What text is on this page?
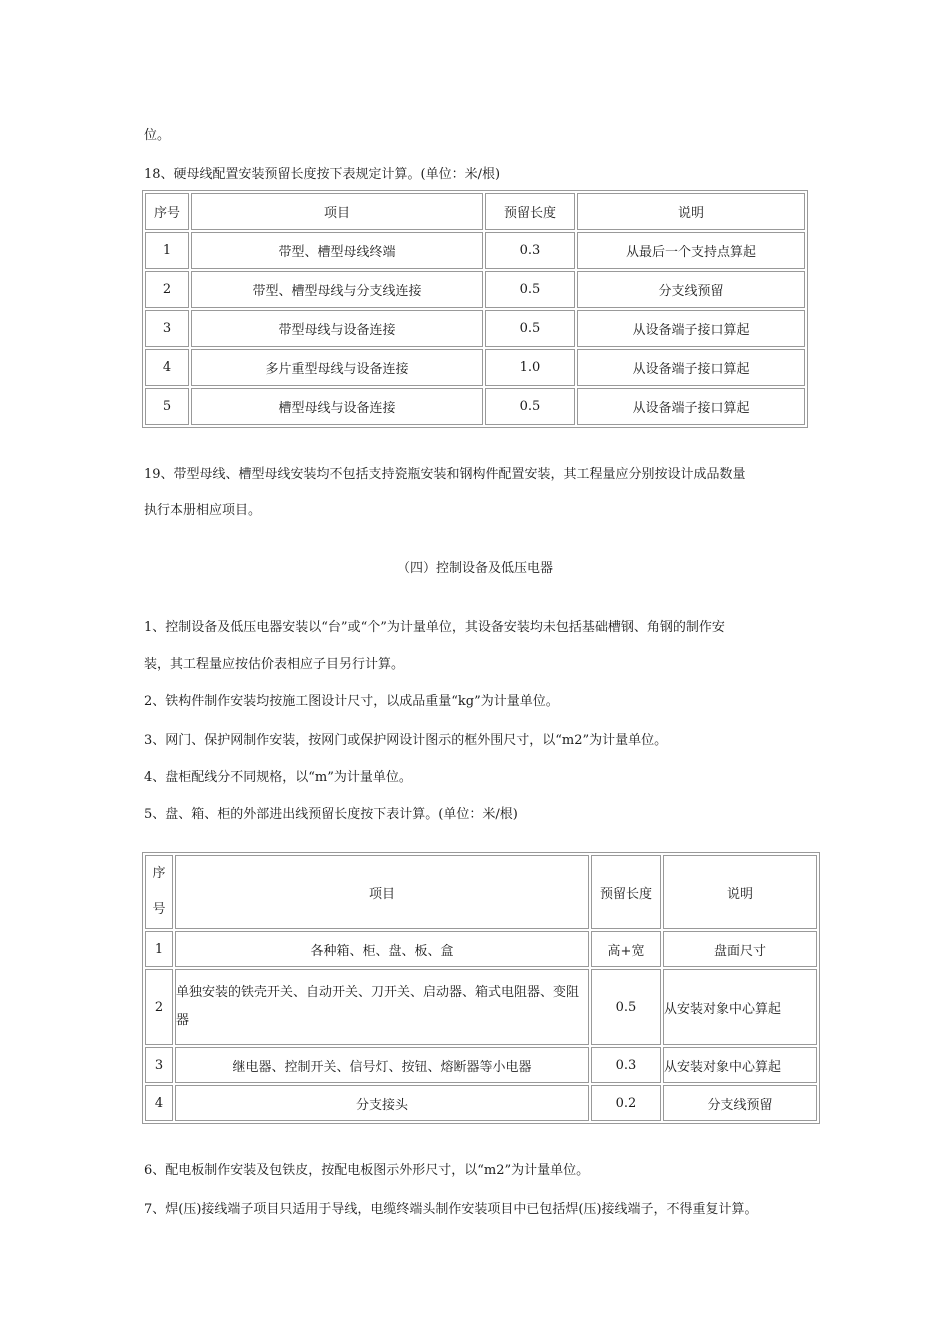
位。

18、硬母线配置安装预留长度按下表规定计算。(单位：米/根)

序号	项目	预留长度	说明
1	带型、槽型母线终端	0.3	从最后一个支持点算起
2	带型、槽型母线与分支线连接	0.5	分支线预留
3	带型母线与设备连接	0.5	从设备端子接口算起
4	多片重型母线与设备连接	1.0	从设备端子接口算起
5	槽型母线与设备连接	0.5	从设备端子接口算起

19、带型母线、槽型母线安装均不包括支持瓷瓶安装和钢构件配置安装，其工程量应分别按设计成品数量

执行本册相应项目。

（四）控制设备及低压电器

1、控制设备及低压电器安装以“台”或“个”为计量单位，其设备安装均未包括基础槽钢、角钢的制作安

装，其工程量应按估价表相应子目另行计算。

2、铁构件制作安装均按施工图设计尺寸，以成品重量“kg”为计量单位。

3、网门、保护网制作安装，按网门或保护网设计图示的框外围尺寸，以“m2”为计量单位。

4、盘柜配线分不同规格，以“m”为计量单位。

5、盘、箱、柜的外部进出线预留长度按下表计算。(单位：米/根)

序
号	项目	预留长度	说明
1	各种箱、柜、盘、板、盒	高+宽	盘面尺寸
2	单独安装的铁壳开关、自动开关、刀开关、启动器、箱式电阻器、变阻器	0.5	从安装对象中心算起
3	继电器、控制开关、信号灯、按钮、熔断器等小电器	0.3	从安装对象中心算起
4	分支接头	0.2	分支线预留

6、配电板制作安装及包铁皮，按配电板图示外形尺寸，以“m2”为计量单位。

7、焊(压)接线端子项目只适用于导线，电缆终端头制作安装项目中已包括焊(压)接线端子，不得重复计算。
